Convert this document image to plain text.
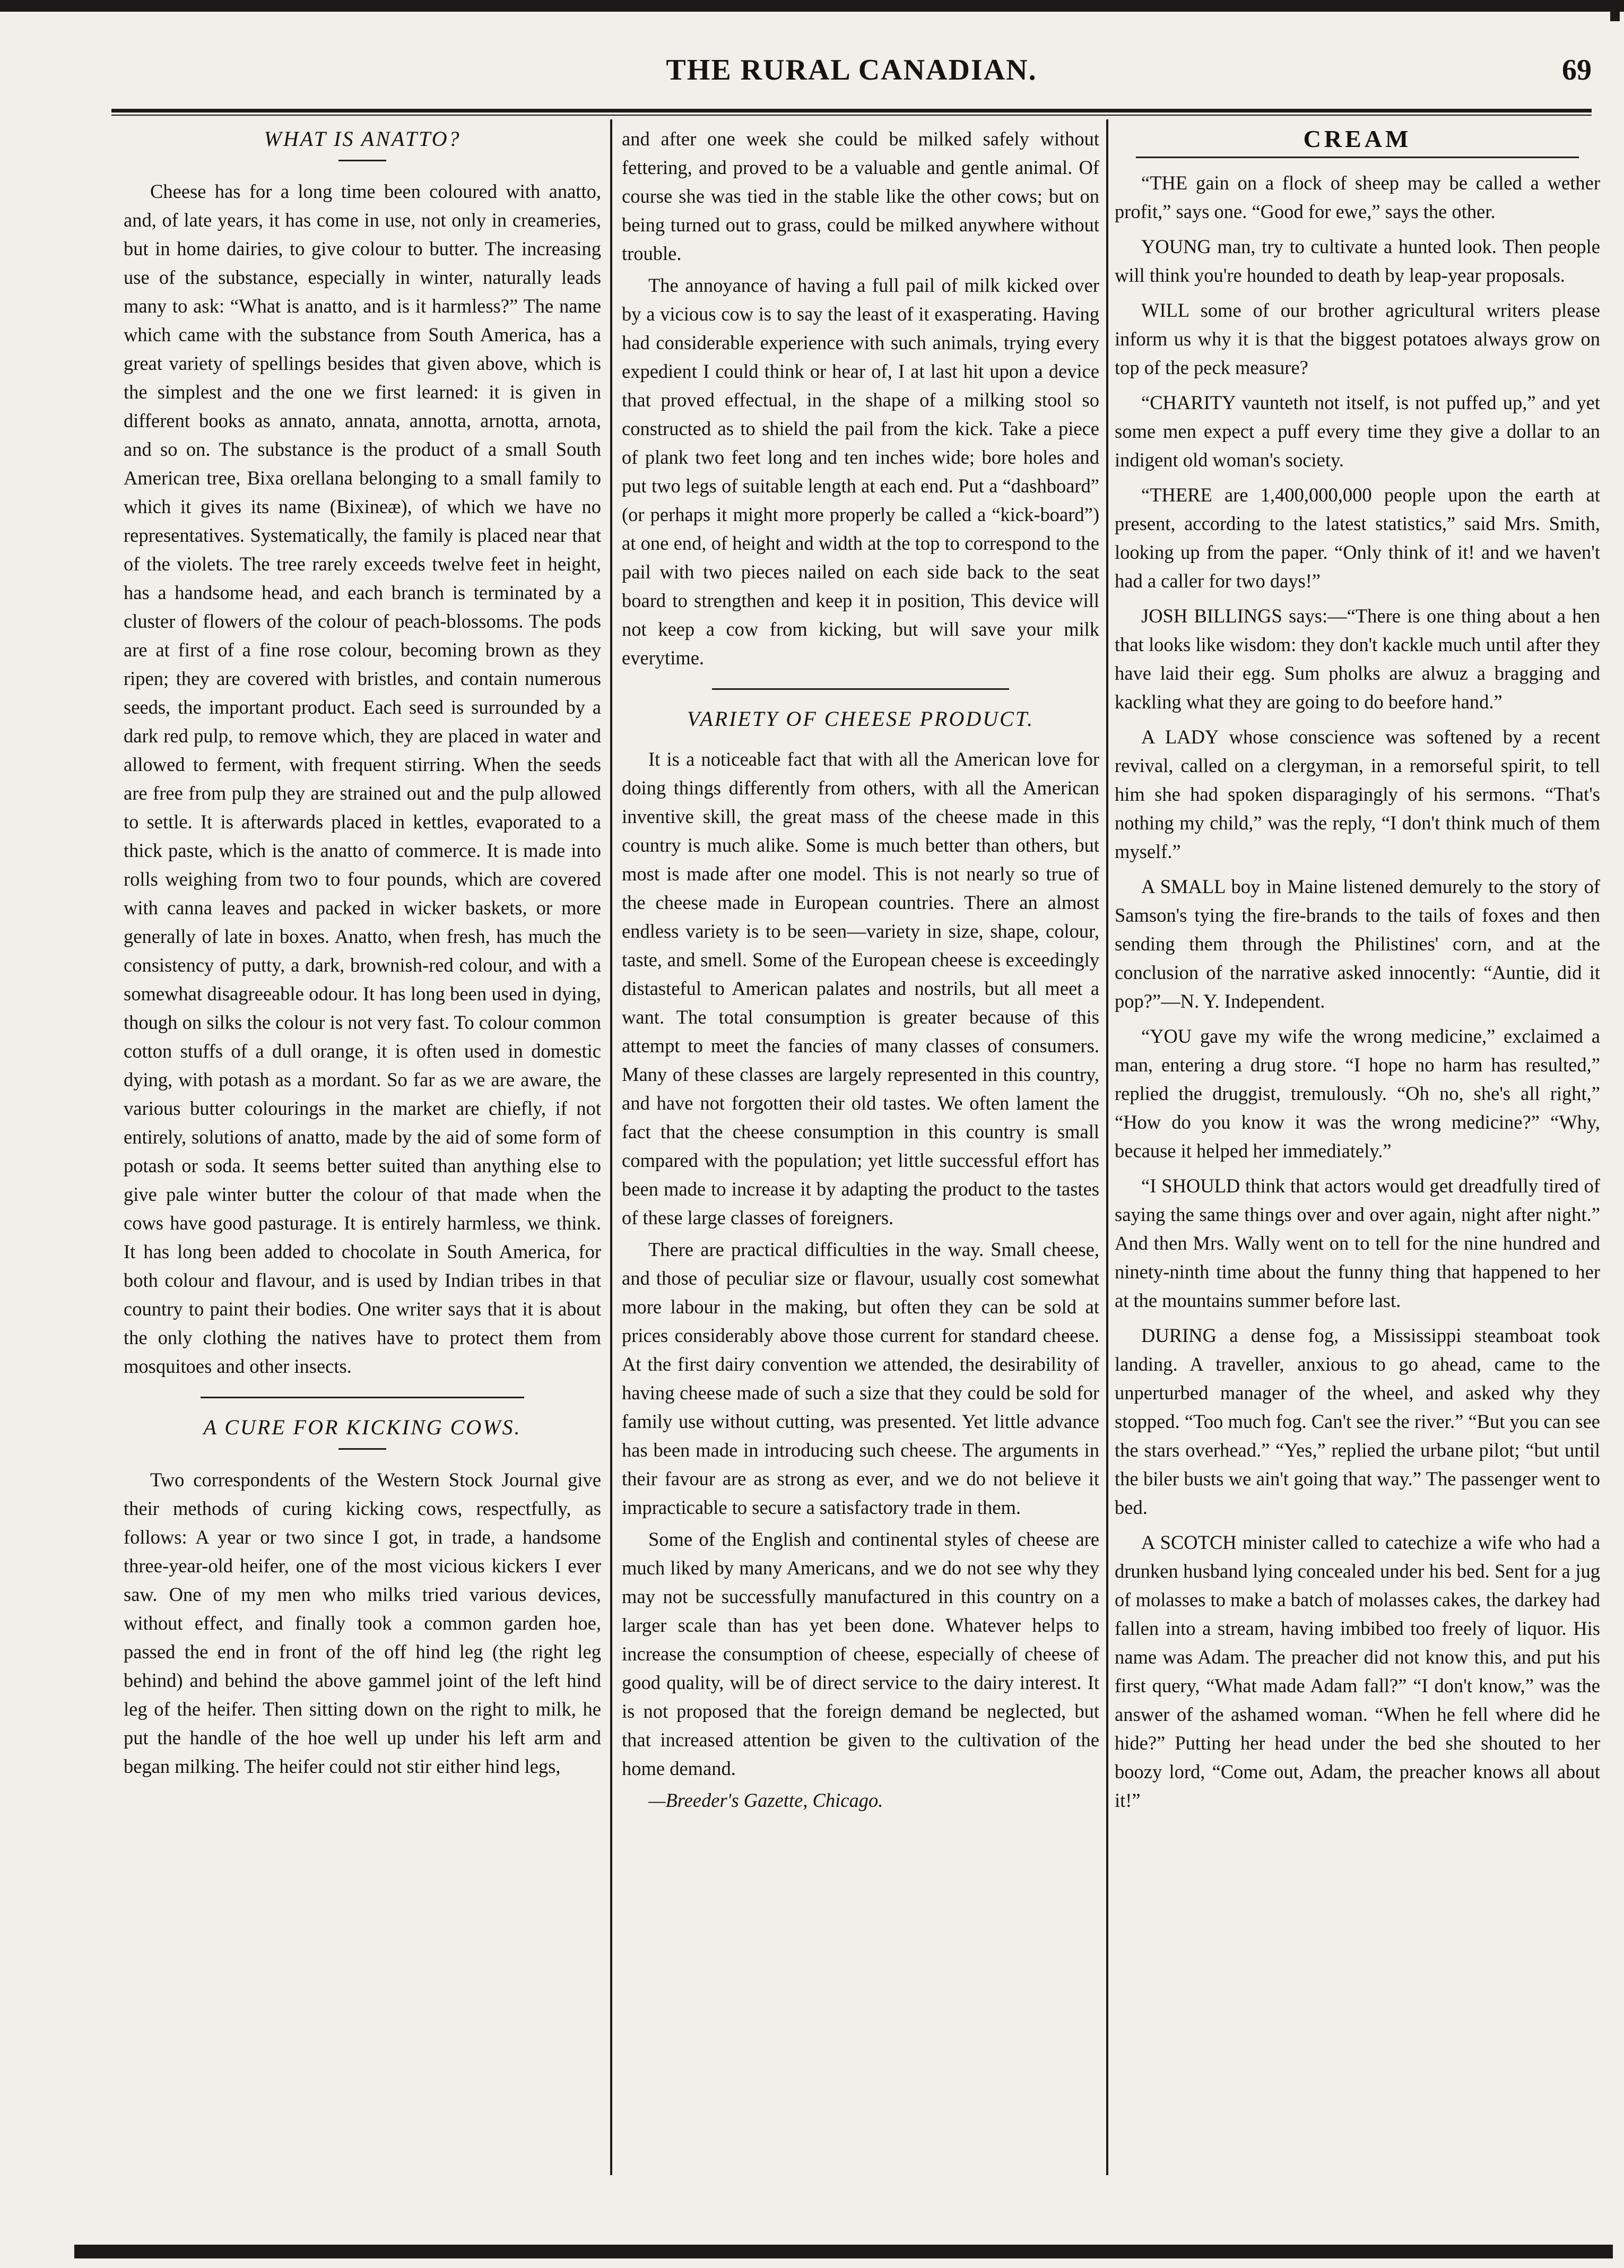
THE RURAL CANADIAN.	69
WHAT IS ANATTO?

Cheese has for a long time been coloured with anatto, and, of late years, it has come in use, not only in creameries, but in home dairies, to give colour to butter. The increasing use of the substance, especially in winter, naturally leads many to ask: “What is anatto, and is it harmless?” The name which came with the substance from South America, has a great variety of spellings besides that given above, which is the simplest and the one we first learned: it is given in different books as annato, annata, annotta, arnotta, arnota, and so on. The substance is the product of a small South American tree, Bixa orellana belonging to a small family to which it gives its name (Bixineæ), of which we have no representatives. Systematically, the family is placed near that of the violets. The tree rarely exceeds twelve feet in height, has a handsome head, and each branch is terminated by a cluster of flowers of the colour of peach-blossoms. The pods are at first of a fine rose colour, becoming brown as they ripen; they are covered with bristles, and contain numerous seeds, the important product. Each seed is surrounded by a dark red pulp, to remove which, they are placed in water and allowed to ferment, with frequent stirring. When the seeds are free from pulp they are strained out and the pulp allowed to settle. It is afterwards placed in kettles, evaporated to a thick paste, which is the anatto of commerce. It is made into rolls weighing from two to four pounds, which are covered with canna leaves and packed in wicker baskets, or more generally of late in boxes. Anatto, when fresh, has much the consistency of putty, a dark, brownish-red colour, and with a somewhat disagreeable odour. It has long been used in dying, though on silks the colour is not very fast. To colour common cotton stuffs of a dull orange, it is often used in domestic dying, with potash as a mordant. So far as we are aware, the various butter colourings in the market are chiefly, if not entirely, solutions of anatto, made by the aid of some form of potash or soda. It seems better suited than anything else to give pale winter butter the colour of that made when the cows have good pasturage. It is entirely harmless, we think. It has long been added to chocolate in South America, for both colour and flavour, and is used by Indian tribes in that country to paint their bodies. One writer says that it is about the only clothing the natives have to protect them from mosquitoes and other insects.

A CURE FOR KICKING COWS.

Two correspondents of the Western Stock Journal give their methods of curing kicking cows, respectfully, as follows: A year or two since I got, in trade, a handsome three-year-old heifer, one of the most vicious kickers I ever saw. One of my men who milks tried various devices, without effect, and finally took a common garden hoe, passed the end in front of the off hind leg (the right leg behind) and behind the above gammel joint of the left hind leg of the heifer. Then sitting down on the right to milk, he put the handle of the hoe well up under his left arm and began milking. The heifer could not stir either hind legs,

and after one week she could be milked safely without fettering, and proved to be a valuable and gentle animal. Of course she was tied in the stable like the other cows; but on being turned out to grass, could be milked anywhere without trouble.

The annoyance of having a full pail of milk kicked over by a vicious cow is to say the least of it exasperating. Having had considerable experience with such animals, trying every expedient I could think or hear of, I at last hit upon a device that proved effectual, in the shape of a milking stool so constructed as to shield the pail from the kick. Take a piece of plank two feet long and ten inches wide; bore holes and put two legs of suitable length at each end. Put a “dashboard” (or perhaps it might more properly be called a “kick-board”) at one end, of height and width at the top to correspond to the pail with two pieces nailed on each side back to the seat board to strengthen and keep it in position, This device will not keep a cow from kicking, but will save your milk everytime.

VARIETY OF CHEESE PRODUCT.

It is a noticeable fact that with all the American love for doing things differently from others, with all the American inventive skill, the great mass of the cheese made in this country is much alike. Some is much better than others, but most is made after one model. This is not nearly so true of the cheese made in European countries. There an almost endless variety is to be seen—variety in size, shape, colour, taste, and smell. Some of the European cheese is exceedingly distasteful to American palates and nostrils, but all meet a want. The total consumption is greater because of this attempt to meet the fancies of many classes of consumers. Many of these classes are largely represented in this country, and have not forgotten their old tastes. We often lament the fact that the cheese consumption in this country is small compared with the population; yet little successful effort has been made to increase it by adapting the product to the tastes of these large classes of foreigners.

There are practical difficulties in the way. Small cheese, and those of peculiar size or flavour, usually cost somewhat more labour in the making, but often they can be sold at prices considerably above those current for standard cheese. At the first dairy convention we attended, the desirability of having cheese made of such a size that they could be sold for family use without cutting, was presented. Yet little advance has been made in introducing such cheese. The arguments in their favour are as strong as ever, and we do not believe it impracticable to secure a satisfactory trade in them.

Some of the English and continental styles of cheese are much liked by many Americans, and we do not see why they may not be successfully manufactured in this country on a larger scale than has yet been done. Whatever helps to increase the consumption of cheese, especially of cheese of good quality, will be of direct service to the dairy interest. It is not proposed that the foreign demand be neglected, but that increased attention be given to the cultivation of the home demand.

—Breeder's Gazette, Chicago.

CREAM

“THE gain on a flock of sheep may be called a wether profit,” says one. “Good for ewe,” says the other.

YOUNG man, try to cultivate a hunted look. Then people will think you're hounded to death by leap-year proposals.

WILL some of our brother agricultural writers please inform us why it is that the biggest potatoes always grow on top of the peck measure?

“CHARITY vaunteth not itself, is not puffed up,” and yet some men expect a puff every time they give a dollar to an indigent old woman's society.

“THERE are 1,400,000,000 people upon the earth at present, according to the latest statistics,” said Mrs. Smith, looking up from the paper. “Only think of it! and we haven't had a caller for two days!”

JOSH BILLINGS says:—“There is one thing about a hen that looks like wisdom: they don't kackle much until after they have laid their egg. Sum pholks are alwuz a bragging and kackling what they are going to do beefore hand.”

A LADY whose conscience was softened by a recent revival, called on a clergyman, in a remorseful spirit, to tell him she had spoken disparagingly of his sermons. “That's nothing my child,” was the reply, “I don't think much of them myself.”

A SMALL boy in Maine listened demurely to the story of Samson's tying the fire-brands to the tails of foxes and then sending them through the Philistines' corn, and at the conclusion of the narrative asked innocently: “Auntie, did it pop?”—N. Y. Independent.

“YOU gave my wife the wrong medicine,” exclaimed a man, entering a drug store. “I hope no harm has resulted,” replied the druggist, tremulously. “Oh no, she's all right,” “How do you know it was the wrong medicine?” “Why, because it helped her immediately.”

“I SHOULD think that actors would get dreadfully tired of saying the same things over and over again, night after night.” And then Mrs. Wally went on to tell for the nine hundred and ninety-ninth time about the funny thing that happened to her at the mountains summer before last.

DURING a dense fog, a Mississippi steamboat took landing. A traveller, anxious to go ahead, came to the unperturbed manager of the wheel, and asked why they stopped. “Too much fog. Can't see the river.” “But you can see the stars overhead.” “Yes,” replied the urbane pilot; “but until the biler busts we ain't going that way.” The passenger went to bed.

A SCOTCH minister called to catechize a wife who had a drunken husband lying concealed under his bed. Sent for a jug of molasses to make a batch of molasses cakes, the darkey had fallen into a stream, having imbibed too freely of liquor. His name was Adam. The preacher did not know this, and put his first query, “What made Adam fall?” “I don't know,” was the answer of the ashamed woman. “When he fell where did he hide?” Putting her head under the bed she shouted to her boozy lord, “Come out, Adam, the preacher knows all about it!”
